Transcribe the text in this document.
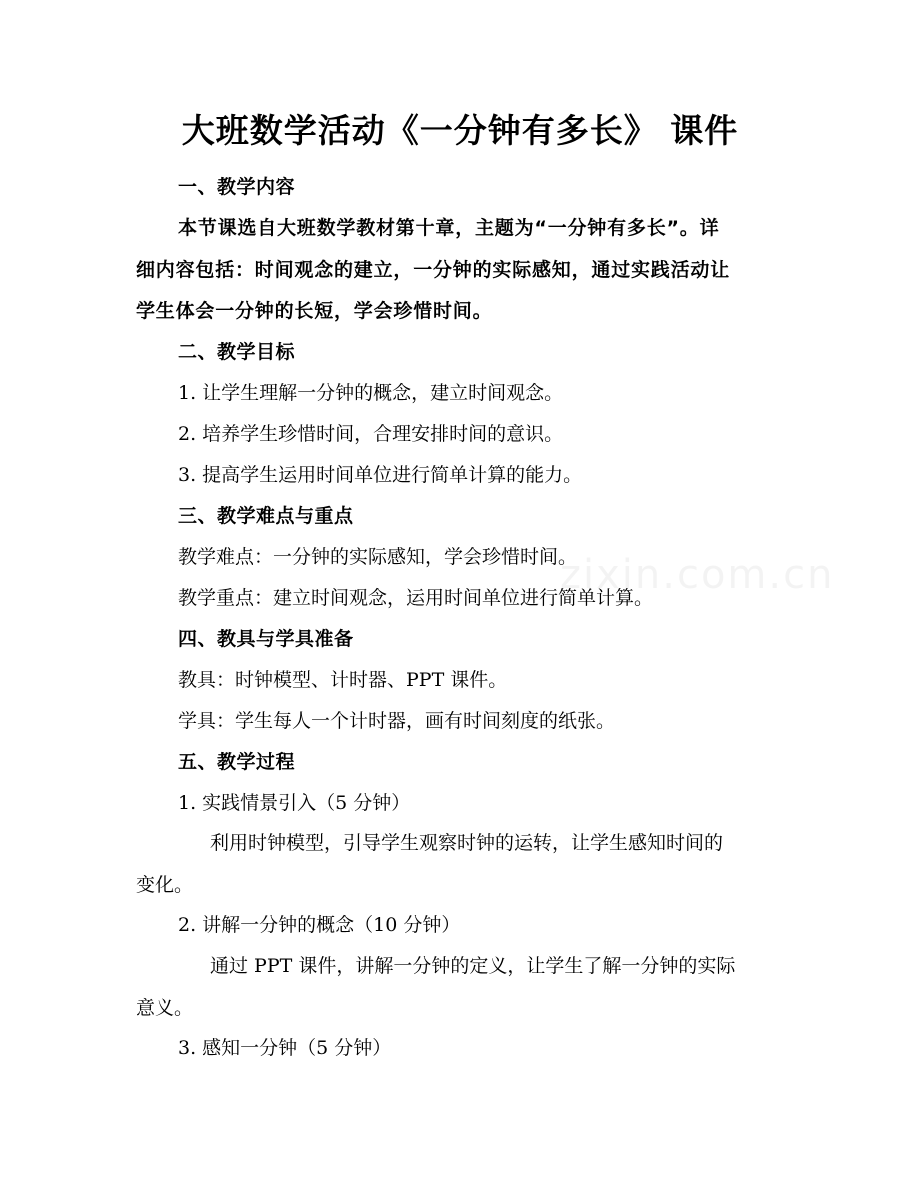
大班数学活动《一分钟有多长》 课件
一、教学内容
本节课选自大班数学教材第十章，主题为“一分钟有多长”。详
细内容包括：时间观念的建立，一分钟的实际感知，通过实践活动让
学生体会一分钟的长短，学会珍惜时间。
二、教学目标
1. 让学生理解一分钟的概念，建立时间观念。
2. 培养学生珍惜时间，合理安排时间的意识。
3. 提高学生运用时间单位进行简单计算的能力。
三、教学难点与重点
教学难点：一分钟的实际感知，学会珍惜时间。
教学重点：建立时间观念，运用时间单位进行简单计算。
四、教具与学具准备
教具：时钟模型、计时器、PPT 课件。
学具：学生每人一个计时器，画有时间刻度的纸张。
五、教学过程
1. 实践情景引入（5 分钟）
利用时钟模型，引导学生观察时钟的运转，让学生感知时间的
变化。
2. 讲解一分钟的概念（10 分钟）
通过 PPT 课件，讲解一分钟的定义，让学生了解一分钟的实际
意义。
3. 感知一分钟（5 分钟）
